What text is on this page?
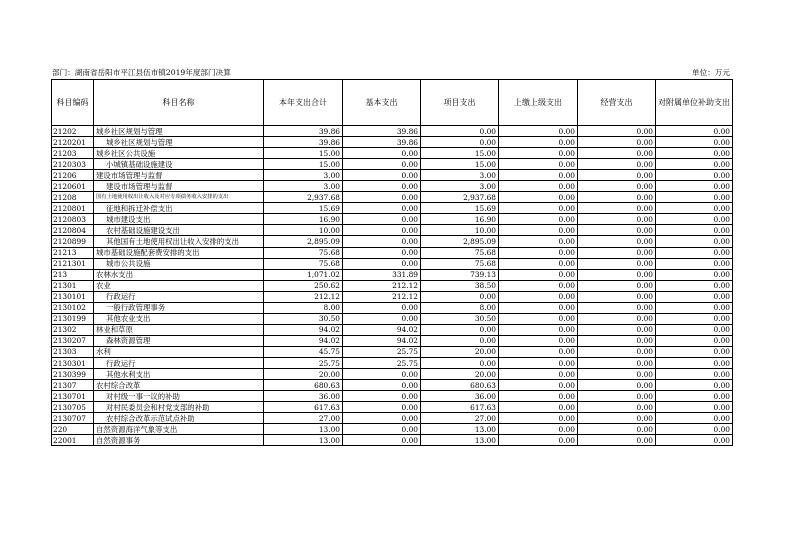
部门：湖南省岳阳市平江县伍市镇2019年度部门决算	单位：万元
科目编码	科目名称	本年支出合计	基本支出	项目支出	上缴上级支出	经营支出	对附属单位补助支出
21202	城乡社区规划与管理	39.86	39.86	0.00	0.00	0.00	0.00
2120201	城乡社区规划与管理	39.86	39.86	0.00	0.00	0.00	0.00
21203	城乡社区公共设施	15.00	0.00	15.00	0.00	0.00	0.00
2120303	小城镇基础设施建设	15.00	0.00	15.00	0.00	0.00	0.00
21206	建设市场管理与监督	3.00	0.00	3.00	0.00	0.00	0.00
2120601	建设市场管理与监督	3.00	0.00	3.00	0.00	0.00	0.00
21208	国有土地使用权出让收入及对应专项债务收入安排的支出	2,937.68	0.00	2,937.68	0.00	0.00	0.00
2120801	征地和拆迁补偿支出	15.69	0.00	15.69	0.00	0.00	0.00
2120803	城市建设支出	16.90	0.00	16.90	0.00	0.00	0.00
2120804	农村基础设施建设支出	10.00	0.00	10.00	0.00	0.00	0.00
2120899	其他国有土地使用权出让收入安排的支出	2,895.09	0.00	2,895.09	0.00	0.00	0.00
21213	城市基础设施配套费安排的支出	75.68	0.00	75.68	0.00	0.00	0.00
2121301	城市公共设施	75.68	0.00	75.68	0.00	0.00	0.00
213	农林水支出	1,071.02	331.89	739.13	0.00	0.00	0.00
21301	农业	250.62	212.12	38.50	0.00	0.00	0.00
2130101	行政运行	212.12	212.12	0.00	0.00	0.00	0.00
2130102	一般行政管理事务	8.00	0.00	8.00	0.00	0.00	0.00
2130199	其他农业支出	30.50	0.00	30.50	0.00	0.00	0.00
21302	林业和草原	94.02	94.02	0.00	0.00	0.00	0.00
2130207	森林资源管理	94.02	94.02	0.00	0.00	0.00	0.00
21303	水利	45.75	25.75	20.00	0.00	0.00	0.00
2130301	行政运行	25.75	25.75	0.00	0.00	0.00	0.00
2130399	其他水利支出	20.00	0.00	20.00	0.00	0.00	0.00
21307	农村综合改革	680.63	0.00	680.63	0.00	0.00	0.00
2130701	对村级一事一议的补助	36.00	0.00	36.00	0.00	0.00	0.00
2130705	对村民委员会和村党支部的补助	617.63	0.00	617.63	0.00	0.00	0.00
2130707	农村综合改革示范试点补助	27.00	0.00	27.00	0.00	0.00	0.00
220	自然资源海洋气象等支出	13.00	0.00	13.00	0.00	0.00	0.00
22001	自然资源事务	13.00	0.00	13.00	0.00	0.00	0.00
